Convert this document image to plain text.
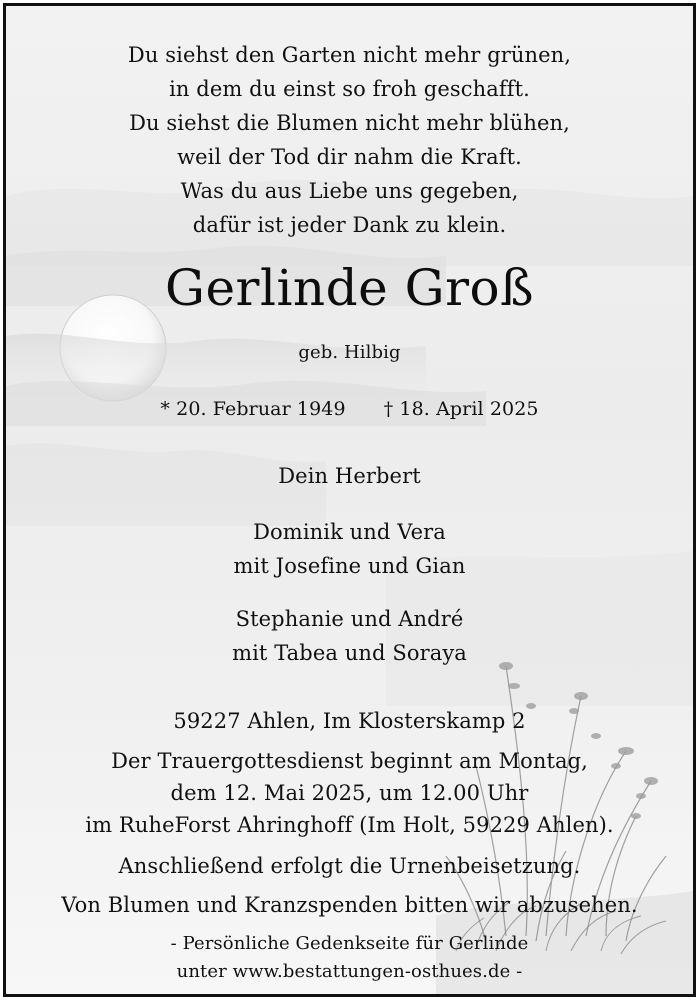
Du siehst den Garten nicht mehr grünen,
in dem du einst so froh geschafft.
Du siehst die Blumen nicht mehr blühen,
weil der Tod dir nahm die Kraft.
Was du aus Liebe uns gegeben,
dafür ist jeder Dank zu klein.
Gerlinde Groß
geb. Hilbig
* 20. Februar 1949 † 18. April 2025
Dein Herbert
Dominik und Vera
mit Josefine und Gian
Stephanie und André
mit Tabea und Soraya
59227 Ahlen, Im Klosterskamp 2
Der Trauergottesdienst beginnt am Montag,
dem 12. Mai 2025, um 12.00 Uhr
im RuheForst Ahringhoff (Im Holt, 59229 Ahlen).
Anschließend erfolgt die Urnenbeisetzung.
Von Blumen und Kranzspenden bitten wir abzusehen.
- Persönliche Gedenkseite für Gerlinde
unter www.bestattungen-osthues.de -
